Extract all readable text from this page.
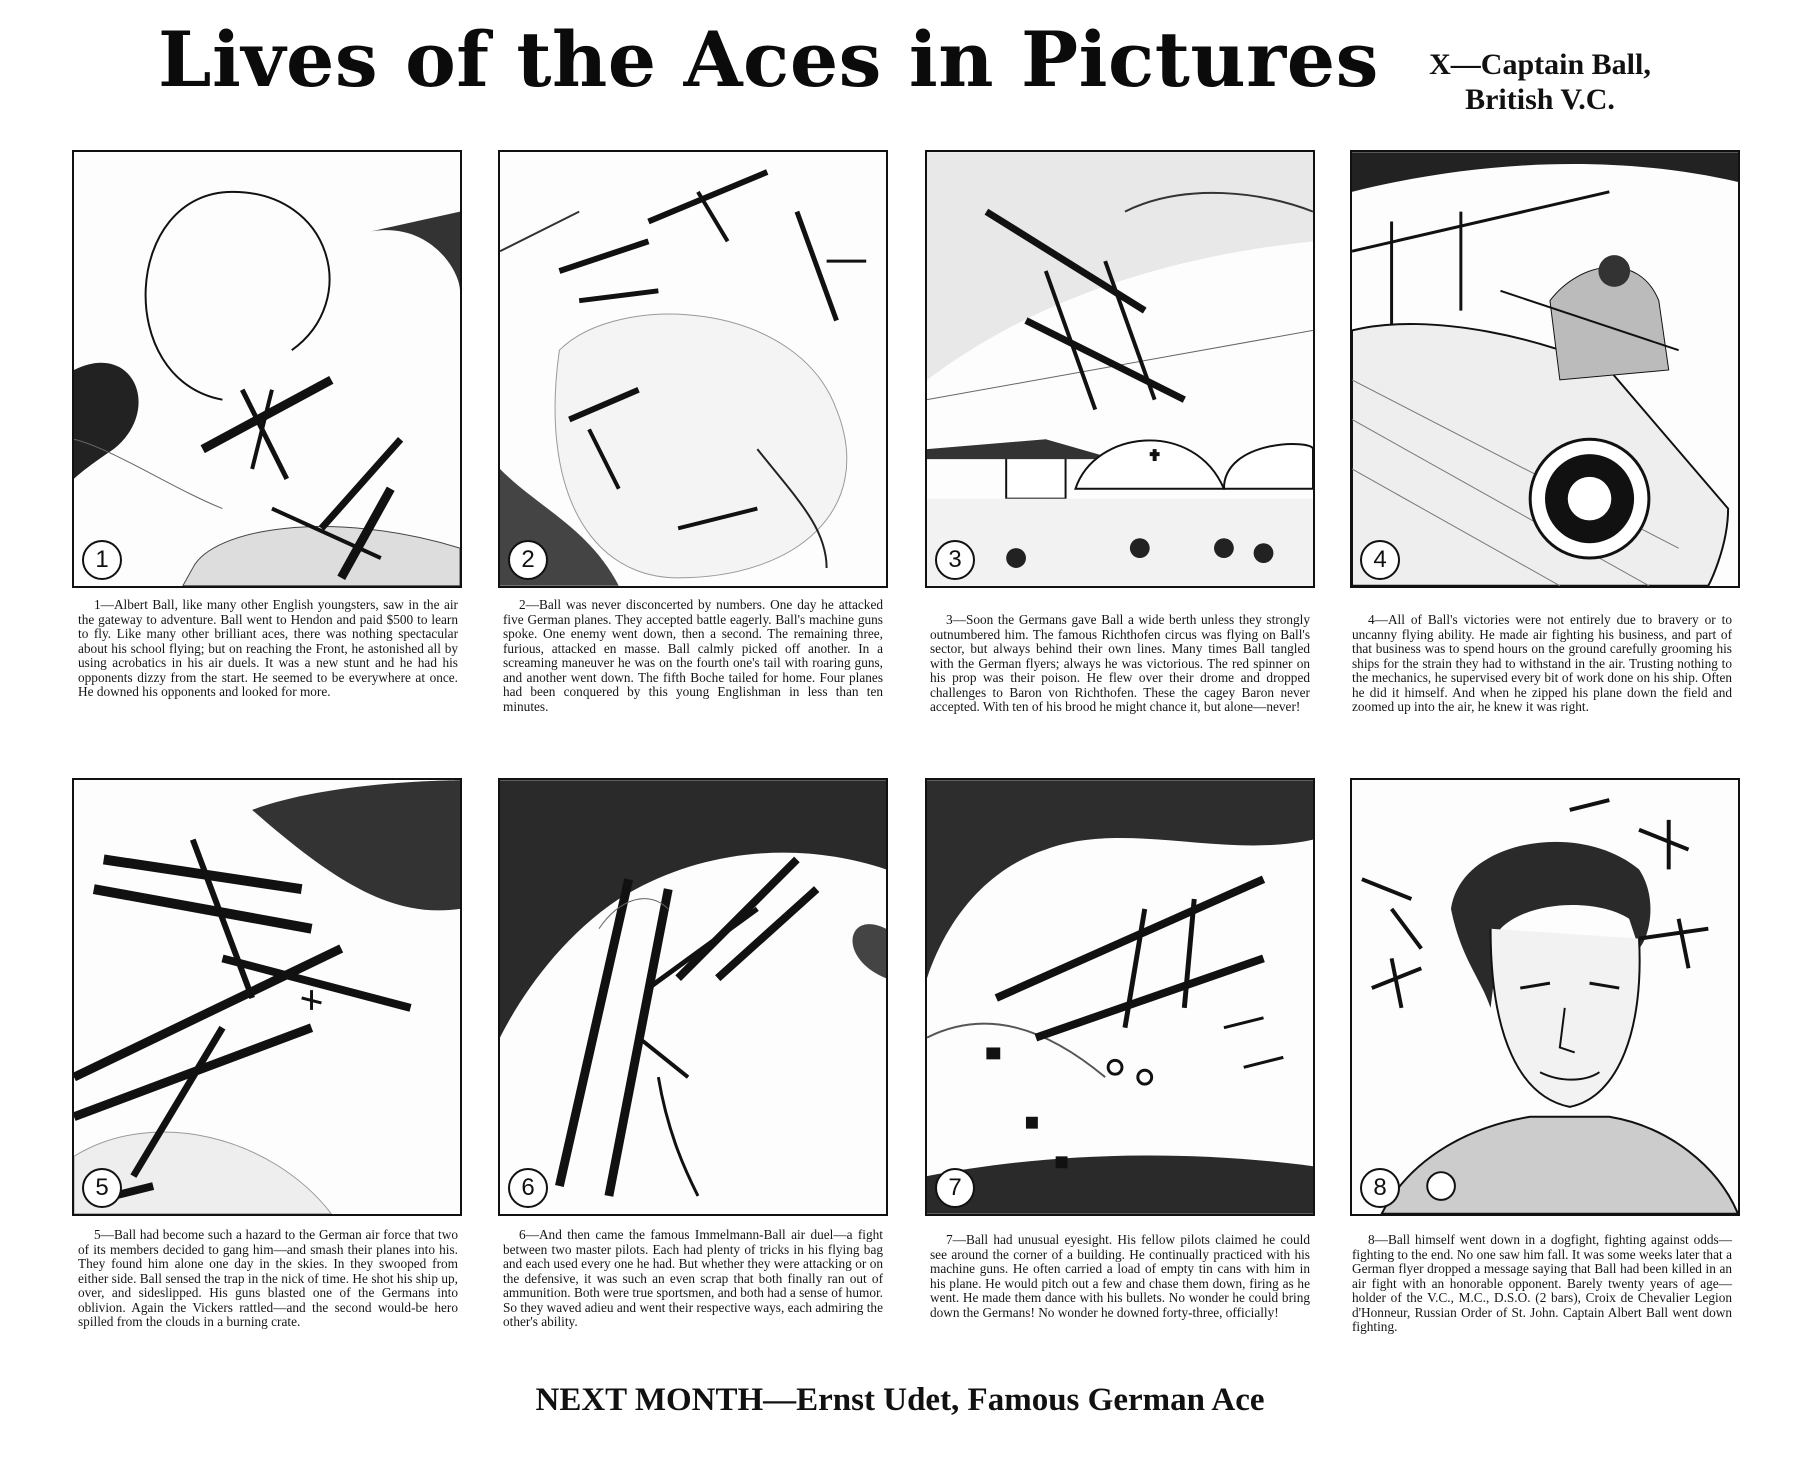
Lives of the Aces in Pictures	X—Captain Ball,
British V.C.
1	2	3	4
1—Albert Ball, like many other English youngsters, saw in the air the gateway to adventure. Ball went to Hendon and paid $500 to learn to fly. Like many other brilliant aces, there was nothing spectacular about his school flying; but on reaching the Front, he astonished all by using acrobatics in his air duels. It was a new stunt and he had his opponents dizzy from the start. He seemed to be everywhere at once. He downed his opponents and looked for more.
2—Ball was never disconcerted by numbers. One day he attacked five German planes. They accepted battle eagerly. Ball's machine guns spoke. One enemy went down, then a second. The remaining three, furious, attacked en masse. Ball calmly picked off another. In a screaming maneuver he was on the fourth one's tail with roaring guns, and another went down. The fifth Boche tailed for home. Four planes had been conquered by this young Englishman in less than ten minutes.
3—Soon the Germans gave Ball a wide berth unless they strongly outnumbered him. The famous Richthofen circus was flying on Ball's sector, but always behind their own lines. Many times Ball tangled with the German flyers; always he was victorious. The red spinner on his prop was their poison. He flew over their drome and dropped challenges to Baron von Richthofen. These the cagey Baron never accepted. With ten of his brood he might chance it, but alone—never!
4—All of Ball's victories were not entirely due to bravery or to uncanny flying ability. He made air fighting his business, and part of that business was to spend hours on the ground carefully grooming his ships for the strain they had to withstand in the air. Trusting nothing to the mechanics, he supervised every bit of work done on his ship. Often he did it himself. And when he zipped his plane down the field and zoomed up into the air, he knew it was right.
5	6	7	8
5—Ball had become such a hazard to the German air force that two of its members decided to gang him—and smash their planes into his. They found him alone one day in the skies. In they swooped from either side. Ball sensed the trap in the nick of time. He shot his ship up, over, and sideslipped. His guns blasted one of the Germans into oblivion. Again the Vickers rattled—and the second would-be hero spilled from the clouds in a burning crate.
6—And then came the famous Immelmann-Ball air duel—a fight between two master pilots. Each had plenty of tricks in his flying bag and each used every one he had. But whether they were attacking or on the defensive, it was such an even scrap that both finally ran out of ammunition. Both were true sportsmen, and both had a sense of humor. So they waved adieu and went their respective ways, each admiring the other's ability.
7—Ball had unusual eyesight. His fellow pilots claimed he could see around the corner of a building. He continually practiced with his machine guns. He often carried a load of empty tin cans with him in his plane. He would pitch out a few and chase them down, firing as he went. He made them dance with his bullets. No wonder he could bring down the Germans! No wonder he downed forty-three, officially!
8—Ball himself went down in a dogfight, fighting against odds—fighting to the end. No one saw him fall. It was some weeks later that a German flyer dropped a message saying that Ball had been killed in an air fight with an honorable opponent. Barely twenty years of age—holder of the V.C., M.C., D.S.O. (2 bars), Croix de Chevalier Legion d'Honneur, Russian Order of St. John. Captain Albert Ball went down fighting.
NEXT MONTH—Ernst Udet, Famous German Ace
